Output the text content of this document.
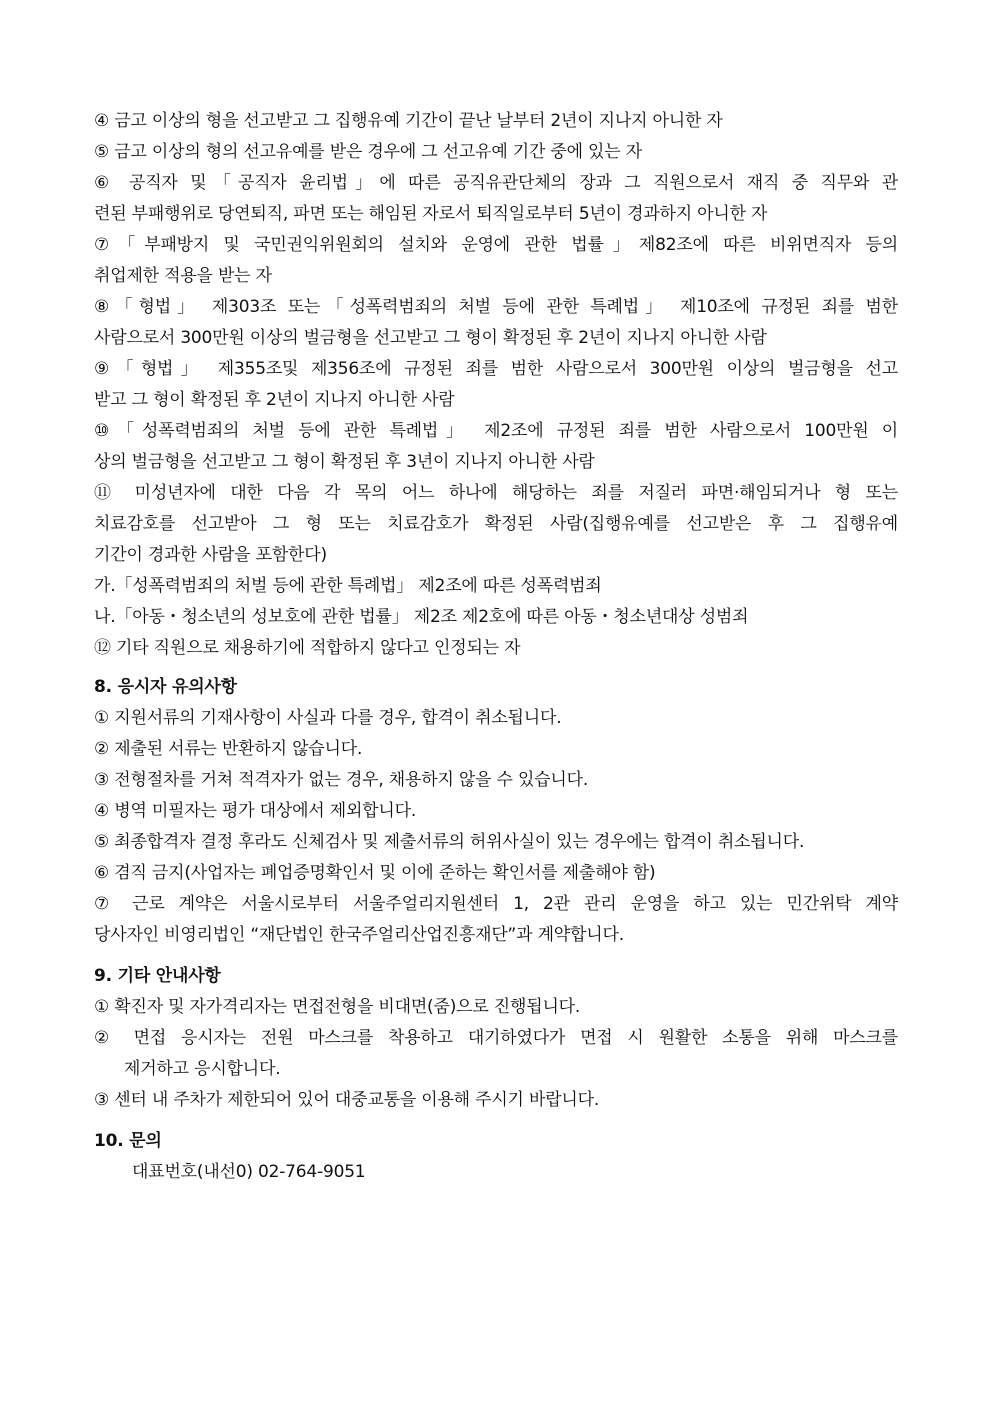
④ 금고 이상의 형을 선고받고 그 집행유예 기간이 끝난 날부터 2년이 지나지 아니한 자
⑤ 금고 이상의 형의 선고유예를 받은 경우에 그 선고유예 기간 중에 있는 자
⑥ 공직자 및「공직자 윤리법」에 따른 공직유관단체의 장과 그 직원으로서 재직 중 직무와 관
련된 부패행위로 당연퇴직, 파면 또는 해임된 자로서 퇴직일로부터 5년이 경과하지 아니한 자
⑦「부패방지 및 국민권익위원회의 설치와 운영에 관한 법률」제82조에 따른 비위면직자 등의
취업제한 적용을 받는 자
⑧「형법」 제303조 또는「성폭력범죄의 처벌 등에 관한 특례법」 제10조에 규정된 죄를 범한
사람으로서 300만원 이상의 벌금형을 선고받고 그 형이 확정된 후 2년이 지나지 아니한 사람
⑨「형법」 제355조및 제356조에 규정된 죄를 범한 사람으로서 300만원 이상의 벌금형을 선고
받고 그 형이 확정된 후 2년이 지나지 아니한 사람
⑩「성폭력범죄의 처벌 등에 관한 특례법」 제2조에 규정된 죄를 범한 사람으로서 100만원 이
상의 벌금형을 선고받고 그 형이 확정된 후 3년이 지나지 아니한 사람
⑪ 미성년자에 대한 다음 각 목의 어느 하나에 해당하는 죄를 저질러 파면·해임되거나 형 또는
치료감호를 선고받아 그 형 또는 치료감호가 확정된 사람(집행유예를 선고받은 후 그 집행유예
기간이 경과한 사람을 포함한다)
가.「성폭력범죄의 처벌 등에 관한 특례법」 제2조에 따른 성폭력범죄
나.「아동・청소년의 성보호에 관한 법률」 제2조 제2호에 따른 아동・청소년대상 성범죄
⑫ 기타 직원으로 채용하기에 적합하지 않다고 인정되는 자
8. 응시자 유의사항
① 지원서류의 기재사항이 사실과 다를 경우, 합격이 취소됩니다.
② 제출된 서류는 반환하지 않습니다.
③ 전형절차를 거쳐 적격자가 없는 경우, 채용하지 않을 수 있습니다.
④ 병역 미필자는 평가 대상에서 제외합니다.
⑤ 최종합격자 결정 후라도 신체검사 및 제출서류의 허위사실이 있는 경우에는 합격이 취소됩니다.
⑥ 겸직 금지(사업자는 폐업증명확인서 및 이에 준하는 확인서를 제출해야 함)
⑦ 근로 계약은 서울시로부터 서울주얼리지원센터 1, 2관 관리 운영을 하고 있는 민간위탁 계약
당사자인 비영리법인 “재단법인 한국주얼리산업진흥재단”과 계약합니다.
9. 기타 안내사항
① 확진자 및 자가격리자는 면접전형을 비대면(줌)으로 진행됩니다.
② 면접 응시자는 전원 마스크를 착용하고 대기하였다가 면접 시 원활한 소통을 위해 마스크를
제거하고 응시합니다.
③ 센터 내 주차가 제한되어 있어 대중교통을 이용해 주시기 바랍니다.
10. 문의
대표번호(내선0) 02-764-9051
